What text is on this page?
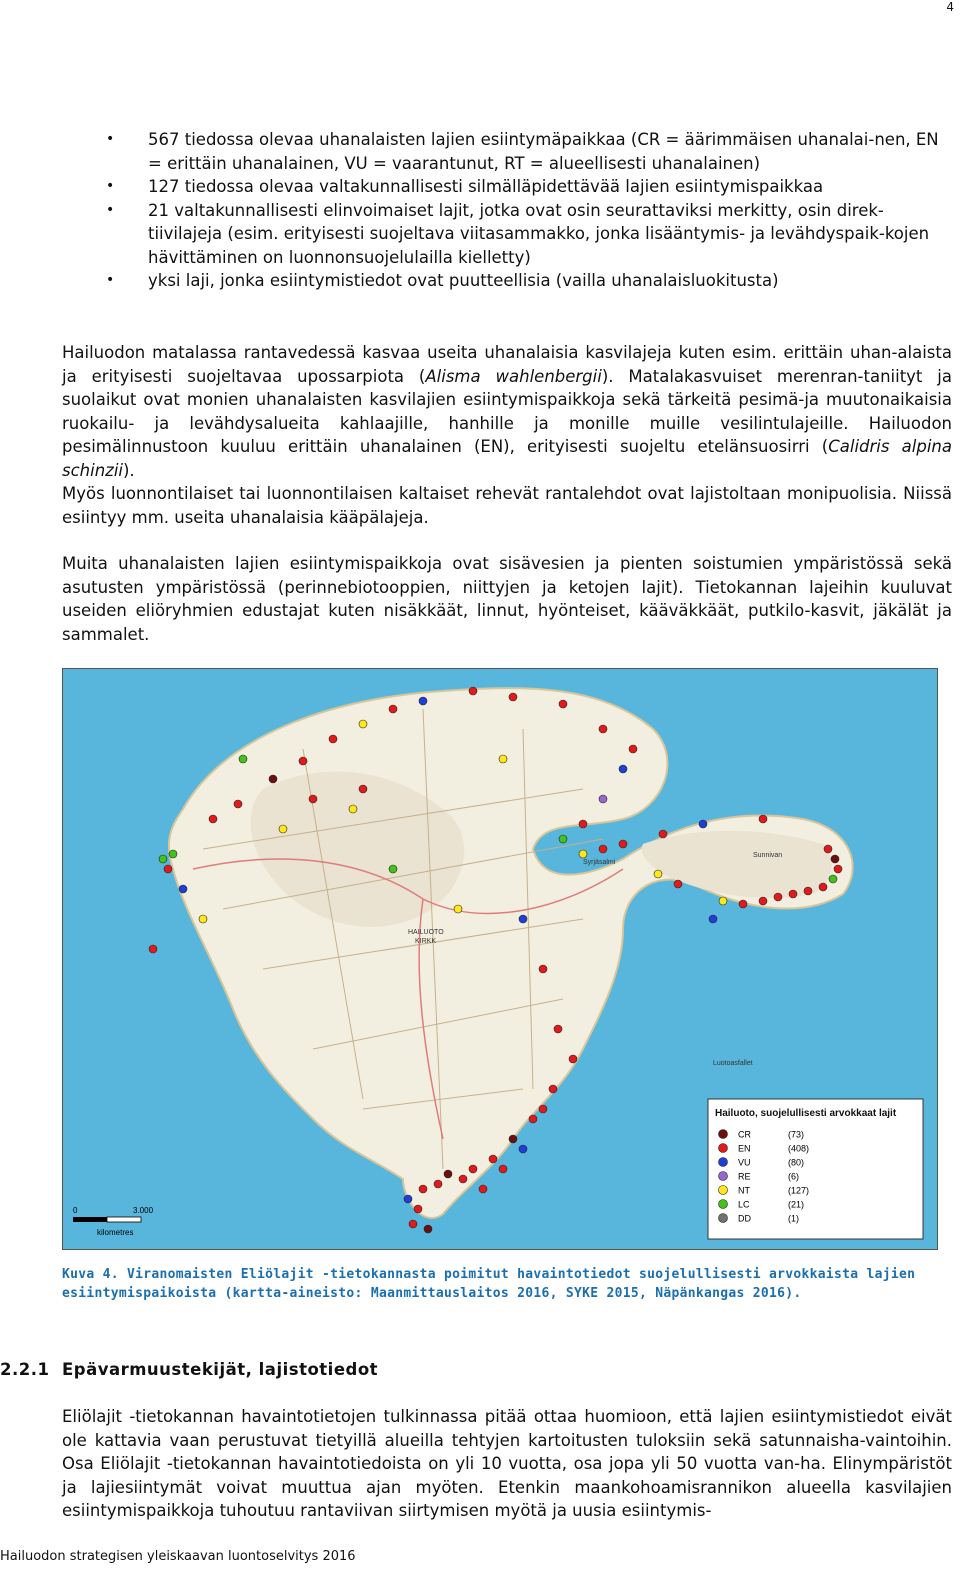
4
• 567 tiedossa olevaa uhanalaisten lajien esiintymäpaikkaa (CR = äärimmäisen uhanalai-nen, EN = erittäin uhanalainen, VU = vaarantunut, RT = alueellisesti uhanalainen)
• 127 tiedossa olevaa valtakunnallisesti silmälläpidettävää lajien esiintymispaikkaa
• 21 valtakunnallisesti elinvoimaiset lajit, jotka ovat osin seurattaviksi merkitty, osin direk-tiivilajeja (esim. erityisesti suojeltava viitasammakko, jonka lisääntymis- ja levähdyspaik-kojen hävittäminen on luonnonsuojelulailla kielletty)
• yksi laji, jonka esiintymistiedot ovat puutteellisia (vailla uhanalaisluokitusta)

Hailuodon matalassa rantavedessä kasvaa useita uhanalaisia kasvilajeja kuten esim. erittäin uhan-alaista ja erityisesti suojeltavaa upossarpiota (Alisma wahlenbergii). Matalakasvuiset merenran-taniityt ja suolaikut ovat monien uhanalaisten kasvilajien esiintymispaikkoja sekä tärkeitä pesimä-ja muutonaikaisia ruokailu- ja levähdysalueita kahlaajille, hanhille ja monille muille vesilintulajeille. Hailuodon pesimälinnustoon kuuluu erittäin uhanalainen (EN), erityisesti suojeltu etelänsuosirri (Calidris alpina schinzii).

Myös luonnontilaiset tai luonnontilaisen kaltaiset rehevät rantalehdot ovat lajistoltaan monipuolisia. Niissä esiintyy mm. useita uhanalaisia kääpälajeja.

Muita uhanalaisten lajien esiintymispaikkoja ovat sisävesien ja pienten soistumien ympäristössä sekä asutusten ympäristössä (perinnebiotooppien, niittyjen ja ketojen lajit). Tietokannan lajeihin kuuluvat useiden eliöryhmien edustajat kuten nisäkkäät, linnut, hyönteiset, kääväkkäät, putkilo-kasvit, jäkälät ja sammalet.

Hailuoto, suojelullisesti arvokkaat lajit
CR	(73)
EN	(408)
VU	(80)
RE	(6)
NT	(127)
LC	(21)
DD	(1)
0	3.000
kilometres
HAILUOTO
KIRKK
Syrjäsalmi
Sunnivan
Luotoasfallet
Kuva 4. Viranomaisten Eliölajit -tietokannasta poimitut havaintotiedot suojelullisesti arvokkaista lajien esiintymispaikoista (kartta-aineisto: Maanmittauslaitos 2016, SYKE 2015, Näpänkangas 2016).
2.2.1 Epävarmuustekijät, lajistotiedot

Eliölajit -tietokannan havaintotietojen tulkinnassa pitää ottaa huomioon, että lajien esiintymistiedot eivät ole kattavia vaan perustuvat tietyillä alueilla tehtyjen kartoitusten tuloksiin sekä satunnaisha-vaintoihin. Osa Eliölajit -tietokannan havaintotiedoista on yli 10 vuotta, osa jopa yli 50 vuotta van-ha. Elinympäristöt ja lajiesiintymät voivat muuttua ajan myöten. Etenkin maankohoamisrannikon alueella kasvilajien esiintymispaikkoja tuhoutuu rantaviivan siirtymisen myötä ja uusia esiintymis-

Hailuodon strategisen yleiskaavan luontoselvitys 2016
